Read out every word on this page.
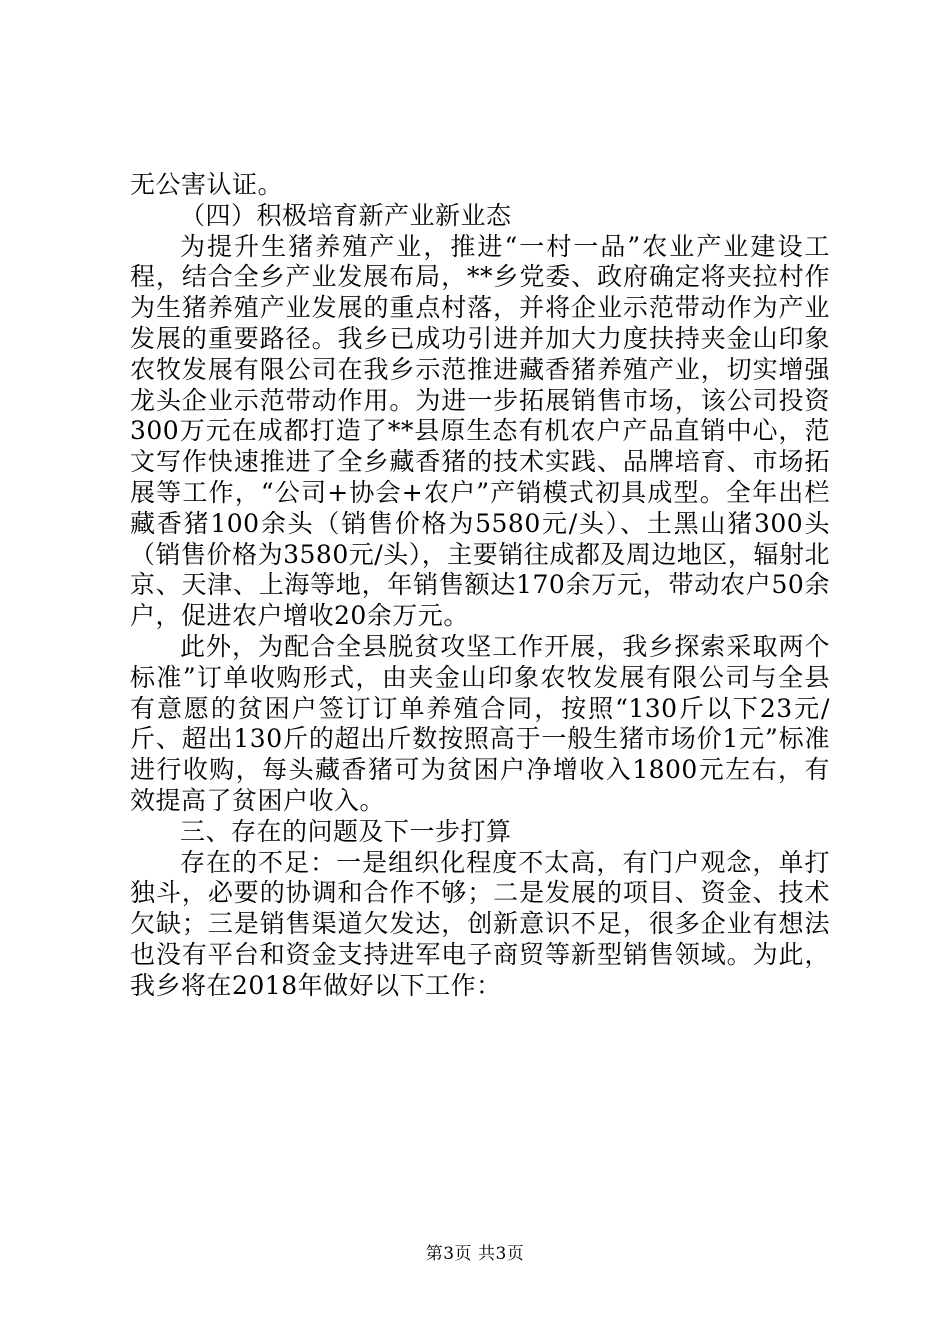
无公害认证。

（四）积极培育新产业新业态

为提升生猪养殖产业，推进“一村一品”农业产业建设工程，结合全乡产业发展布局，**乡党委、政府确定将夹拉村作为生猪养殖产业发展的重点村落，并将企业示范带动作为产业发展的重要路径。我乡已成功引进并加大力度扶持夹金山印象农牧发展有限公司在我乡示范推进藏香猪养殖产业，切实增强龙头企业示范带动作用。为进一步拓展销售市场，该公司投资300万元在成都打造了**县原生态有机农户产品直销中心，范文写作快速推进了全乡藏香猪的技术实践、品牌培育、市场拓展等工作，“公司+协会+农户”产销模式初具成型。全年出栏藏香猪100余头（销售价格为5580元/头）、土黑山猪300头（销售价格为3580元/头），主要销往成都及周边地区，辐射北京、天津、上海等地，年销售额达170余万元，带动农户50余户，促进农户增收20余万元。

此外，为配合全县脱贫攻坚工作开展，我乡探索采取两个标准”订单收购形式，由夹金山印象农牧发展有限公司与全县有意愿的贫困户签订订单养殖合同，按照“130斤以下23元/斤、超出130斤的超出斤数按照高于一般生猪市场价1元”标准进行收购，每头藏香猪可为贫困户净增收入1800元左右，有效提高了贫困户收入。

三、存在的问题及下一步打算

存在的不足：一是组织化程度不太高，有门户观念，单打独斗，必要的协调和合作不够；二是发展的项目、资金、技术欠缺；三是销售渠道欠发达，创新意识不足，很多企业有想法也没有平台和资金支持进军电子商贸等新型销售领域。为此，我乡将在2018年做好以下工作：

第3页 共3页
